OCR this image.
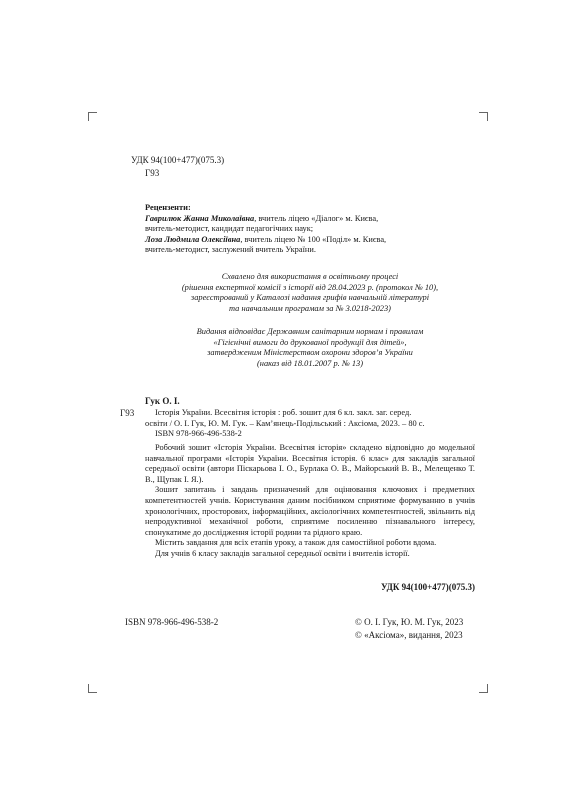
УДК 94(100+477)(075.3)
Г93

Рецензенти:

Гаврилюк Жанна Миколаївна, вчитель ліцею «Діалог» м. Києва,

вчитель-методист, кандидат педагогічних наук;

Лоза Людмила Олексіївна, вчитель ліцею № 100 «Поділ» м. Києва,

вчитель-методист, заслужений вчитель України.

Схвалено для використання в освітньому процесі

(рішення експертної комісії з історії від 28.04.2023 р. (протокол № 10),

зареєстрований у Каталозі надання грифів навчальній літературі

та навчальним програмам за № 3.0218-2023)

Видання відповідає Державним санітарним нормам і правилам

«Гігієнічні вимоги до друкованої продукції для дітей»,

затвердженим Міністерством охорони здоров’я України

(наказ від 18.01.2007 р. № 13)

Гук О. І.
Г93	Історія України. Всесвітня історія : роб. зошит для 6 кл. закл. заг. серед.

освіти / О. І. Гук, Ю. М. Гук. – Кам’янець-Подільський : Аксіома, 2023. – 80 с.

ISBN 978-966-496-538-2

Робочий зошит «Історія України. Всесвітня історія» складено відповідно до модельної навчальної програми «Історія України. Всесвітня історія. 6 клас» для закладів загальної середньої освіти (автори Піскарьова І. О., Бурлака О. В., Майорський В. В., Мелещенко Т. В., Щупак І. Я.).

Зошит запитань і завдань призначений для оцінювання ключових і предметних компетентностей учнів. Користування даним посібником сприятиме формуванню в учнів хронологічних, просторових, інформаційних, аксіологічних компетентностей, звільнить від непродуктивної механічної роботи, сприятиме посиленню пізнавального інтересу, спонукатиме до дослідження історії родини та рідного краю.

Містить завдання для всіх етапів уроку, а також для самостійної роботи вдома.

Для учнів 6 класу закладів загальної середньої освіти і вчителів історії.

УДК 94(100+477)(075.3)
ISBN 978-966-496-538-2	© О. І. Гук, Ю. М. Гук, 2023
© «Аксіома», видання, 2023
